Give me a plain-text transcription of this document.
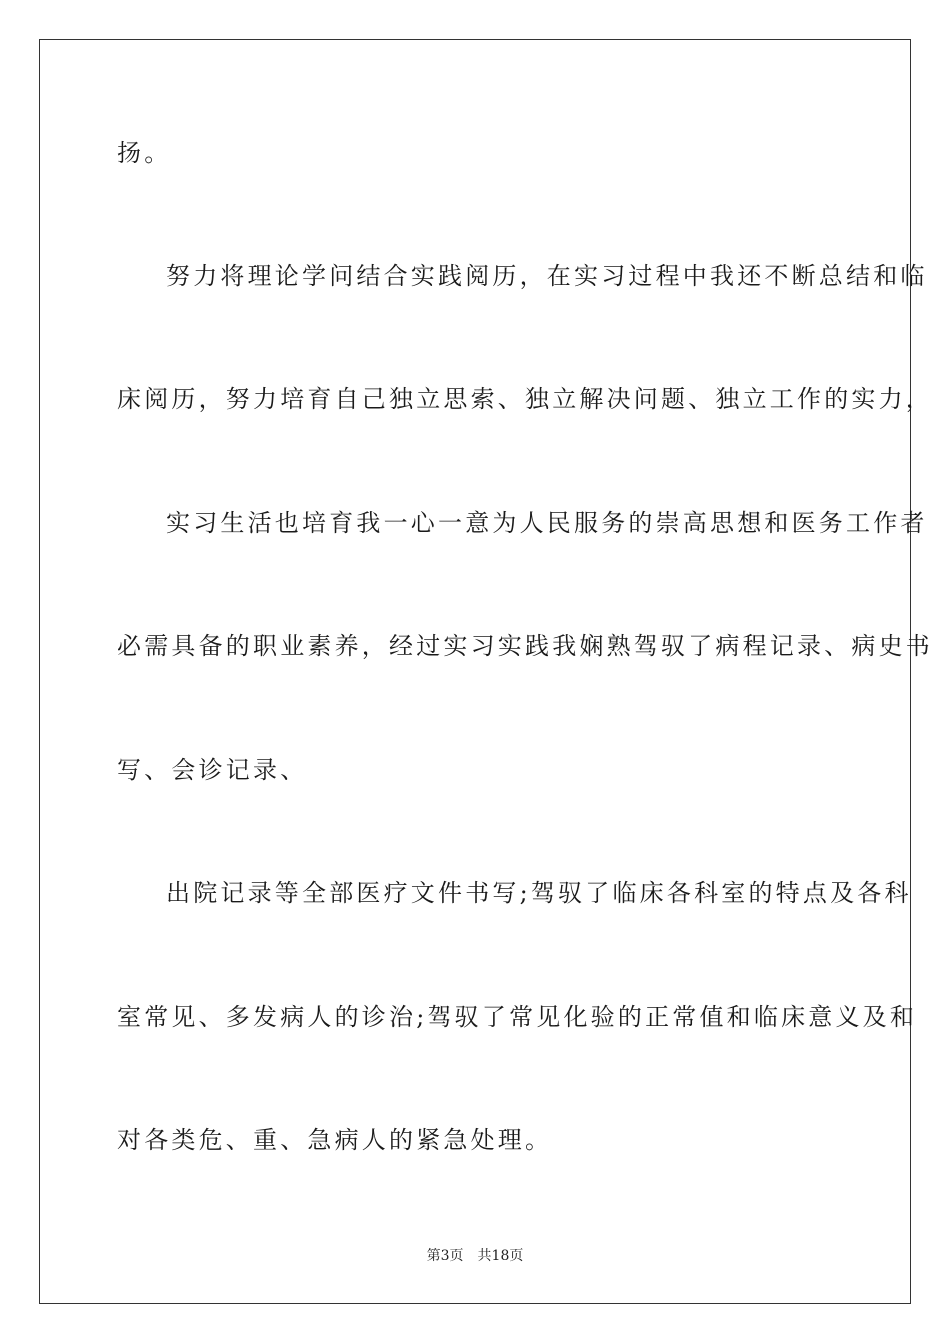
扬。
努力将理论学问结合实践阅历，在实习过程中我还不断总结和临
床阅历，努力培育自己独立思索、独立解决问题、独立工作的实力，
实习生活也培育我一心一意为人民服务的崇高思想和医务工作者
必需具备的职业素养，经过实习实践我娴熟驾驭了病程记录、病史书
写、会诊记录、
出院记录等全部医疗文件书写;驾驭了临床各科室的特点及各科
室常见、多发病人的诊治;驾驭了常见化验的正常值和临床意义及和
对各类危、重、急病人的紧急处理。
第3页 共18页
